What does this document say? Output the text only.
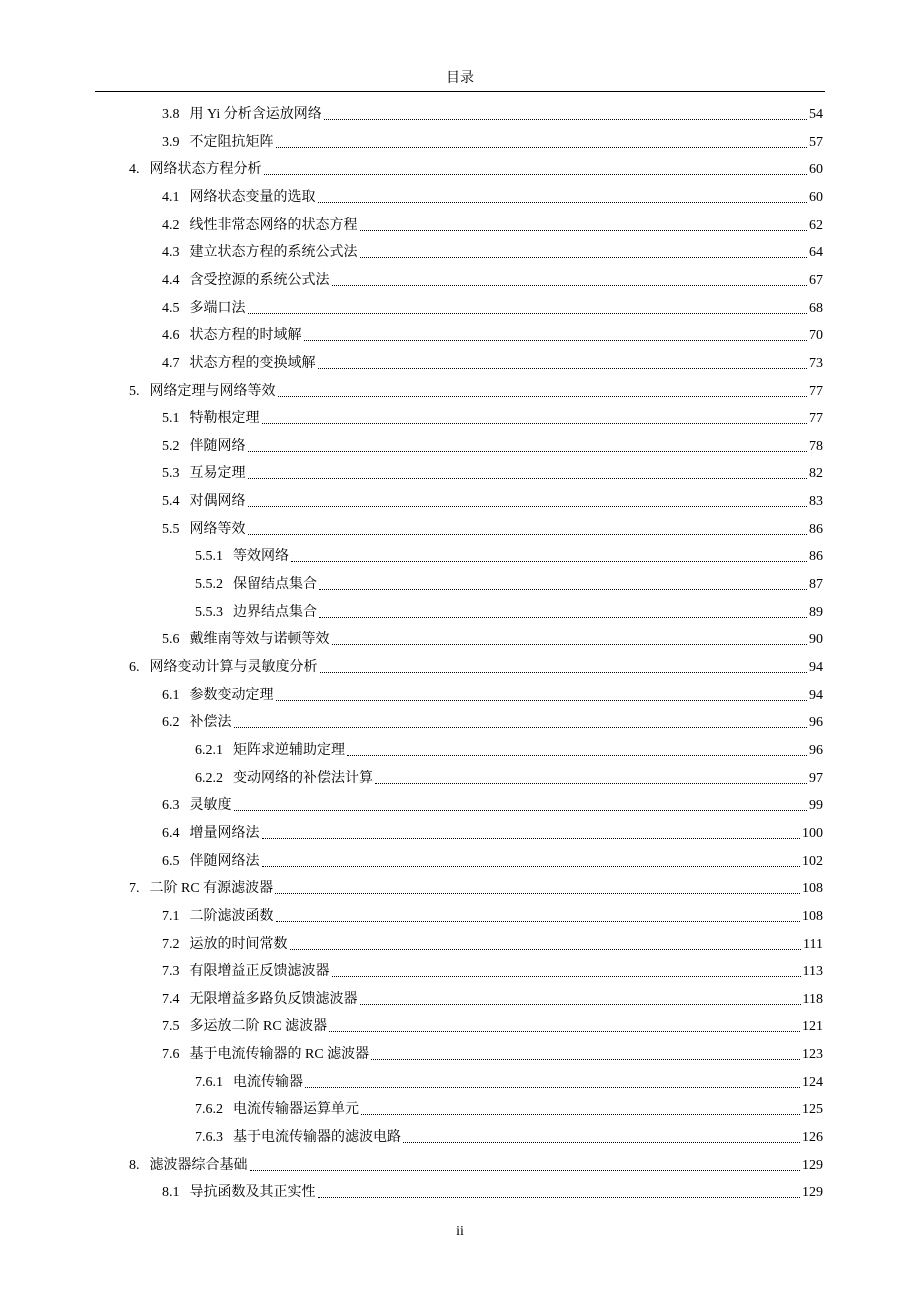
目录
3.8 用 Yi 分析含运放网络	54
3.9 不定阻抗矩阵	57
4. 网络状态方程分析	60
4.1 网络状态变量的选取	60
4.2 线性非常态网络的状态方程	62
4.3 建立状态方程的系统公式法	64
4.4 含受控源的系统公式法	67
4.5 多端口法	68
4.6 状态方程的时域解	70
4.7 状态方程的变换域解	73
5. 网络定理与网络等效	77
5.1 特勒根定理	77
5.2 伴随网络	78
5.3 互易定理	82
5.4 对偶网络	83
5.5 网络等效	86
5.5.1 等效网络	86
5.5.2 保留结点集合	87
5.5.3 边界结点集合	89
5.6 戴维南等效与诺顿等效	90
6. 网络变动计算与灵敏度分析	94
6.1 参数变动定理	94
6.2 补偿法	96
6.2.1 矩阵求逆辅助定理	96
6.2.2 变动网络的补偿法计算	97
6.3 灵敏度	99
6.4 增量网络法	100
6.5 伴随网络法	102
7. 二阶 RC 有源滤波器	108
7.1 二阶滤波函数	108
7.2 运放的时间常数	111
7.3 有限增益正反馈滤波器	113
7.4 无限增益多路负反馈滤波器	118
7.5 多运放二阶 RC 滤波器	121
7.6 基于电流传输器的 RC 滤波器	123
7.6.1 电流传输器	124
7.6.2 电流传输器运算单元	125
7.6.3 基于电流传输器的滤波电路	126
8. 滤波器综合基础	129
8.1 导抗函数及其正实性	129
ii
